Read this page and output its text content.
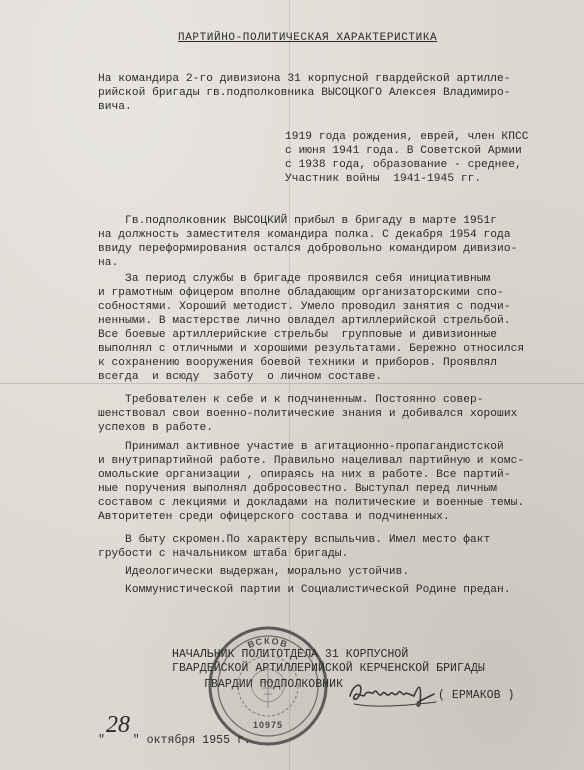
ПАРТИЙНО-ПОЛИТИЧЕСКАЯ ХАРАКТЕРИСТИКА
На командира 2-го дивизиона 31 корпусной гвардейской артилле-
рийской бригады гв.подполковника ВЫСОЦКОГО Алексея Владимиро-
вича.
1919 года рождения, еврей, член КПСС
с июня 1941 года. В Советской Армии
с 1938 года, образование - среднее,
Участник войны  1941-1945 гг.
Гв.подполковник ВЫСОЦКИЙ прибыл в бригаду в марте 1951г
на должность заместителя командира полка. С декабря 1954 года
ввиду переформирования остался добровольно командиром дивизио-
на.
За период службы в бригаде проявился себя инициативным
и грамотным офицером вполне обладающим организаторскими спо-
собностями. Хороший методист. Умело проводил занятия с подчи-
ненными. В мастерстве лично овладел артиллерийской стрельбой.
Все боевые артиллерийские стрельбы  групповые и дивизионные
выполнял с отличными и хорошими результатами. Бережно относился
к сохранению вооружения боевой техники и приборов. Проявлял
всегда  и всюду  заботу  о личном составе.
Требователен к себе и к подчиненным. Постоянно совер-
шенствовал свои военно-политические знания и добивался хороших
успехов в работе.
Принимал активное участие в агитационно-пропагандистской
и внутрипартийной работе. Правильно нацеливал партийную и комс-
омольские организации , опираясь на них в работе. Все партий-
ные поручения выполнял добросовестно. Выступал перед личным
составом с лекциями и докладами на политические и военные темы.
Авторитетен среди офицерского состава и подчиненных.
В быту скромен.По характеру вспыльчив. Имел место факт
грубости с начальником штаба бригады.
Идеологически выдержан, морально устойчив.
Коммунистической партии и Социалистической Родине предан.
ВСКОВ
10975
НАЧАЛЬНИК ПОЛИТОТДЕЛА 31 КОРПУСНОЙ
ГВАРДЕЙСКОЙ АРТИЛЛЕРИЙСКОЙ КЕРЧЕНСКОЙ БРИГАДЫ
ГВАРДИИ ПОДПОЛКОВНИК
( ЕРМАКОВ )
28
"    " октября 1955 г.
